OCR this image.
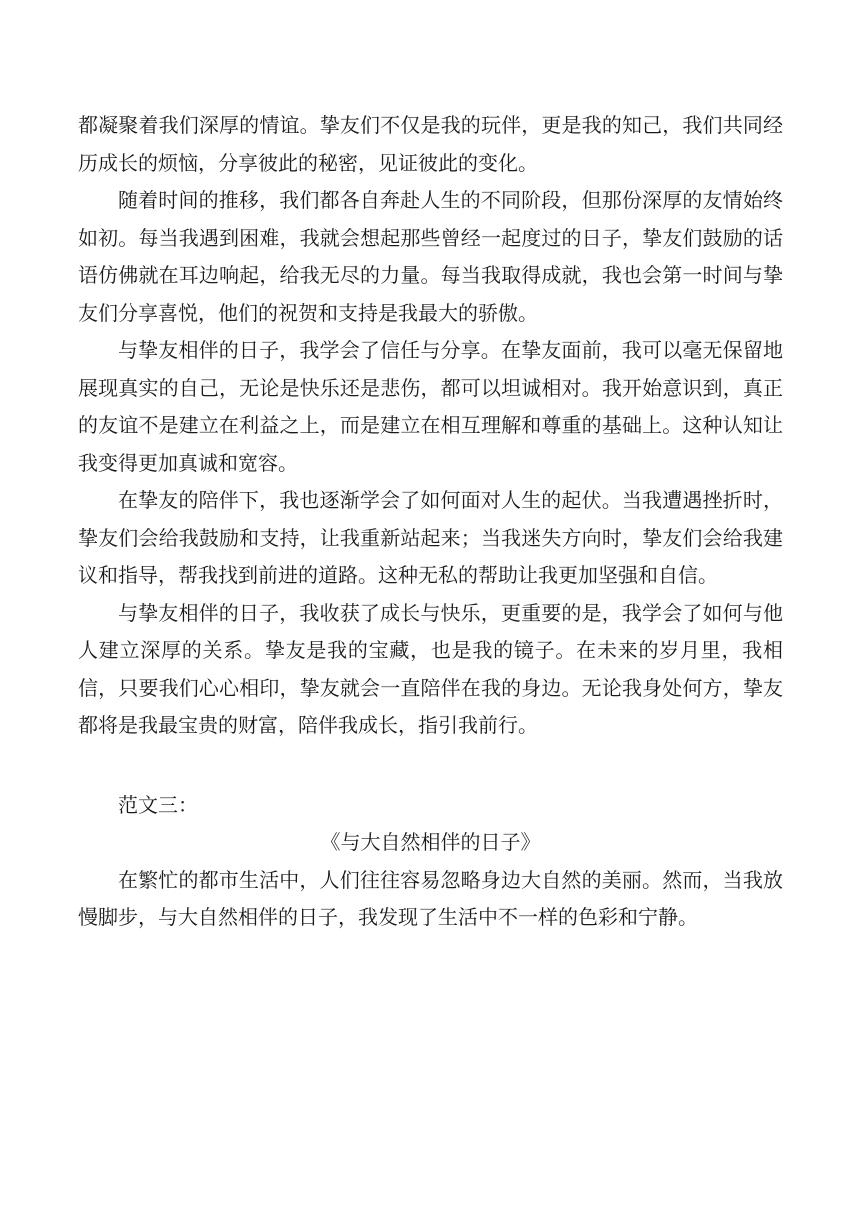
都凝聚着我们深厚的情谊。挚友们不仅是我的玩伴，更是我的知己，我们共同经历成长的烦恼，分享彼此的秘密，见证彼此的变化。

随着时间的推移，我们都各自奔赴人生的不同阶段，但那份深厚的友情始终如初。每当我遇到困难，我就会想起那些曾经一起度过的日子，挚友们鼓励的话语仿佛就在耳边响起，给我无尽的力量。每当我取得成就，我也会第一时间与挚友们分享喜悦，他们的祝贺和支持是我最大的骄傲。

与挚友相伴的日子，我学会了信任与分享。在挚友面前，我可以毫无保留地展现真实的自己，无论是快乐还是悲伤，都可以坦诚相对。我开始意识到，真正的友谊不是建立在利益之上，而是建立在相互理解和尊重的基础上。这种认知让我变得更加真诚和宽容。

在挚友的陪伴下，我也逐渐学会了如何面对人生的起伏。当我遭遇挫折时，挚友们会给我鼓励和支持，让我重新站起来；当我迷失方向时，挚友们会给我建议和指导，帮我找到前进的道路。这种无私的帮助让我更加坚强和自信。

与挚友相伴的日子，我收获了成长与快乐，更重要的是，我学会了如何与他人建立深厚的关系。挚友是我的宝藏，也是我的镜子。在未来的岁月里，我相信，只要我们心心相印，挚友就会一直陪伴在我的身边。无论我身处何方，挚友都将是我最宝贵的财富，陪伴我成长，指引我前行。

范文三：

《与大自然相伴的日子》

在繁忙的都市生活中，人们往往容易忽略身边大自然的美丽。然而，当我放慢脚步，与大自然相伴的日子，我发现了生活中不一样的色彩和宁静。
